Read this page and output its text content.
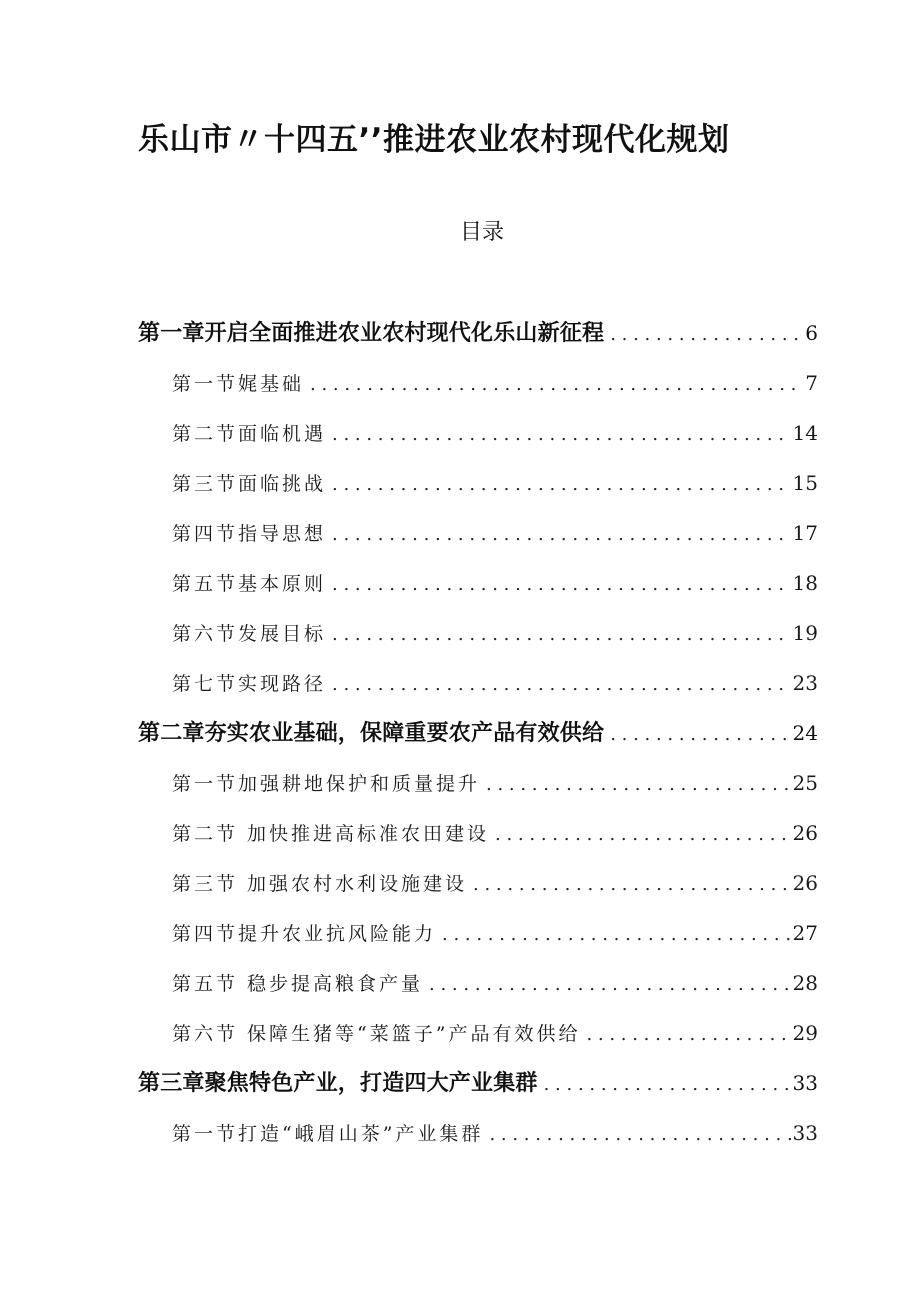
乐山市〃十四五’’推进农业农村现代化规划
目录
第一章开启全面推进农业农村现代化乐山新征程 . . .	6
第一节娓基础 . . .	7
第二节面临机遇 . . .	14
第三节面临挑战 . . .	15
第四节指导思想 . . .	17
第五节基本原则 . . .	18
第六节发展目标 . . .	19
第七节实现路径 . . .	23
第二章夯实农业基础，保障重要农产品有效供给 . . .	24
第一节加强耕地保护和质量提升 . . .	25
第二节 加快推进高标准农田建设 . . .	26
第三节 加强农村水利设施建设 . . .	26
第四节提升农业抗风险能力 . . .	27
第五节 稳步提高粮食产量 . . .	28
第六节 保障生猪等“菜篮子”产品有效供给 . . .	29
第三章聚焦特色产业，打造四大产业集群 . . .	33
第一节打造“峨眉山茶”产业集群 . . .	33
